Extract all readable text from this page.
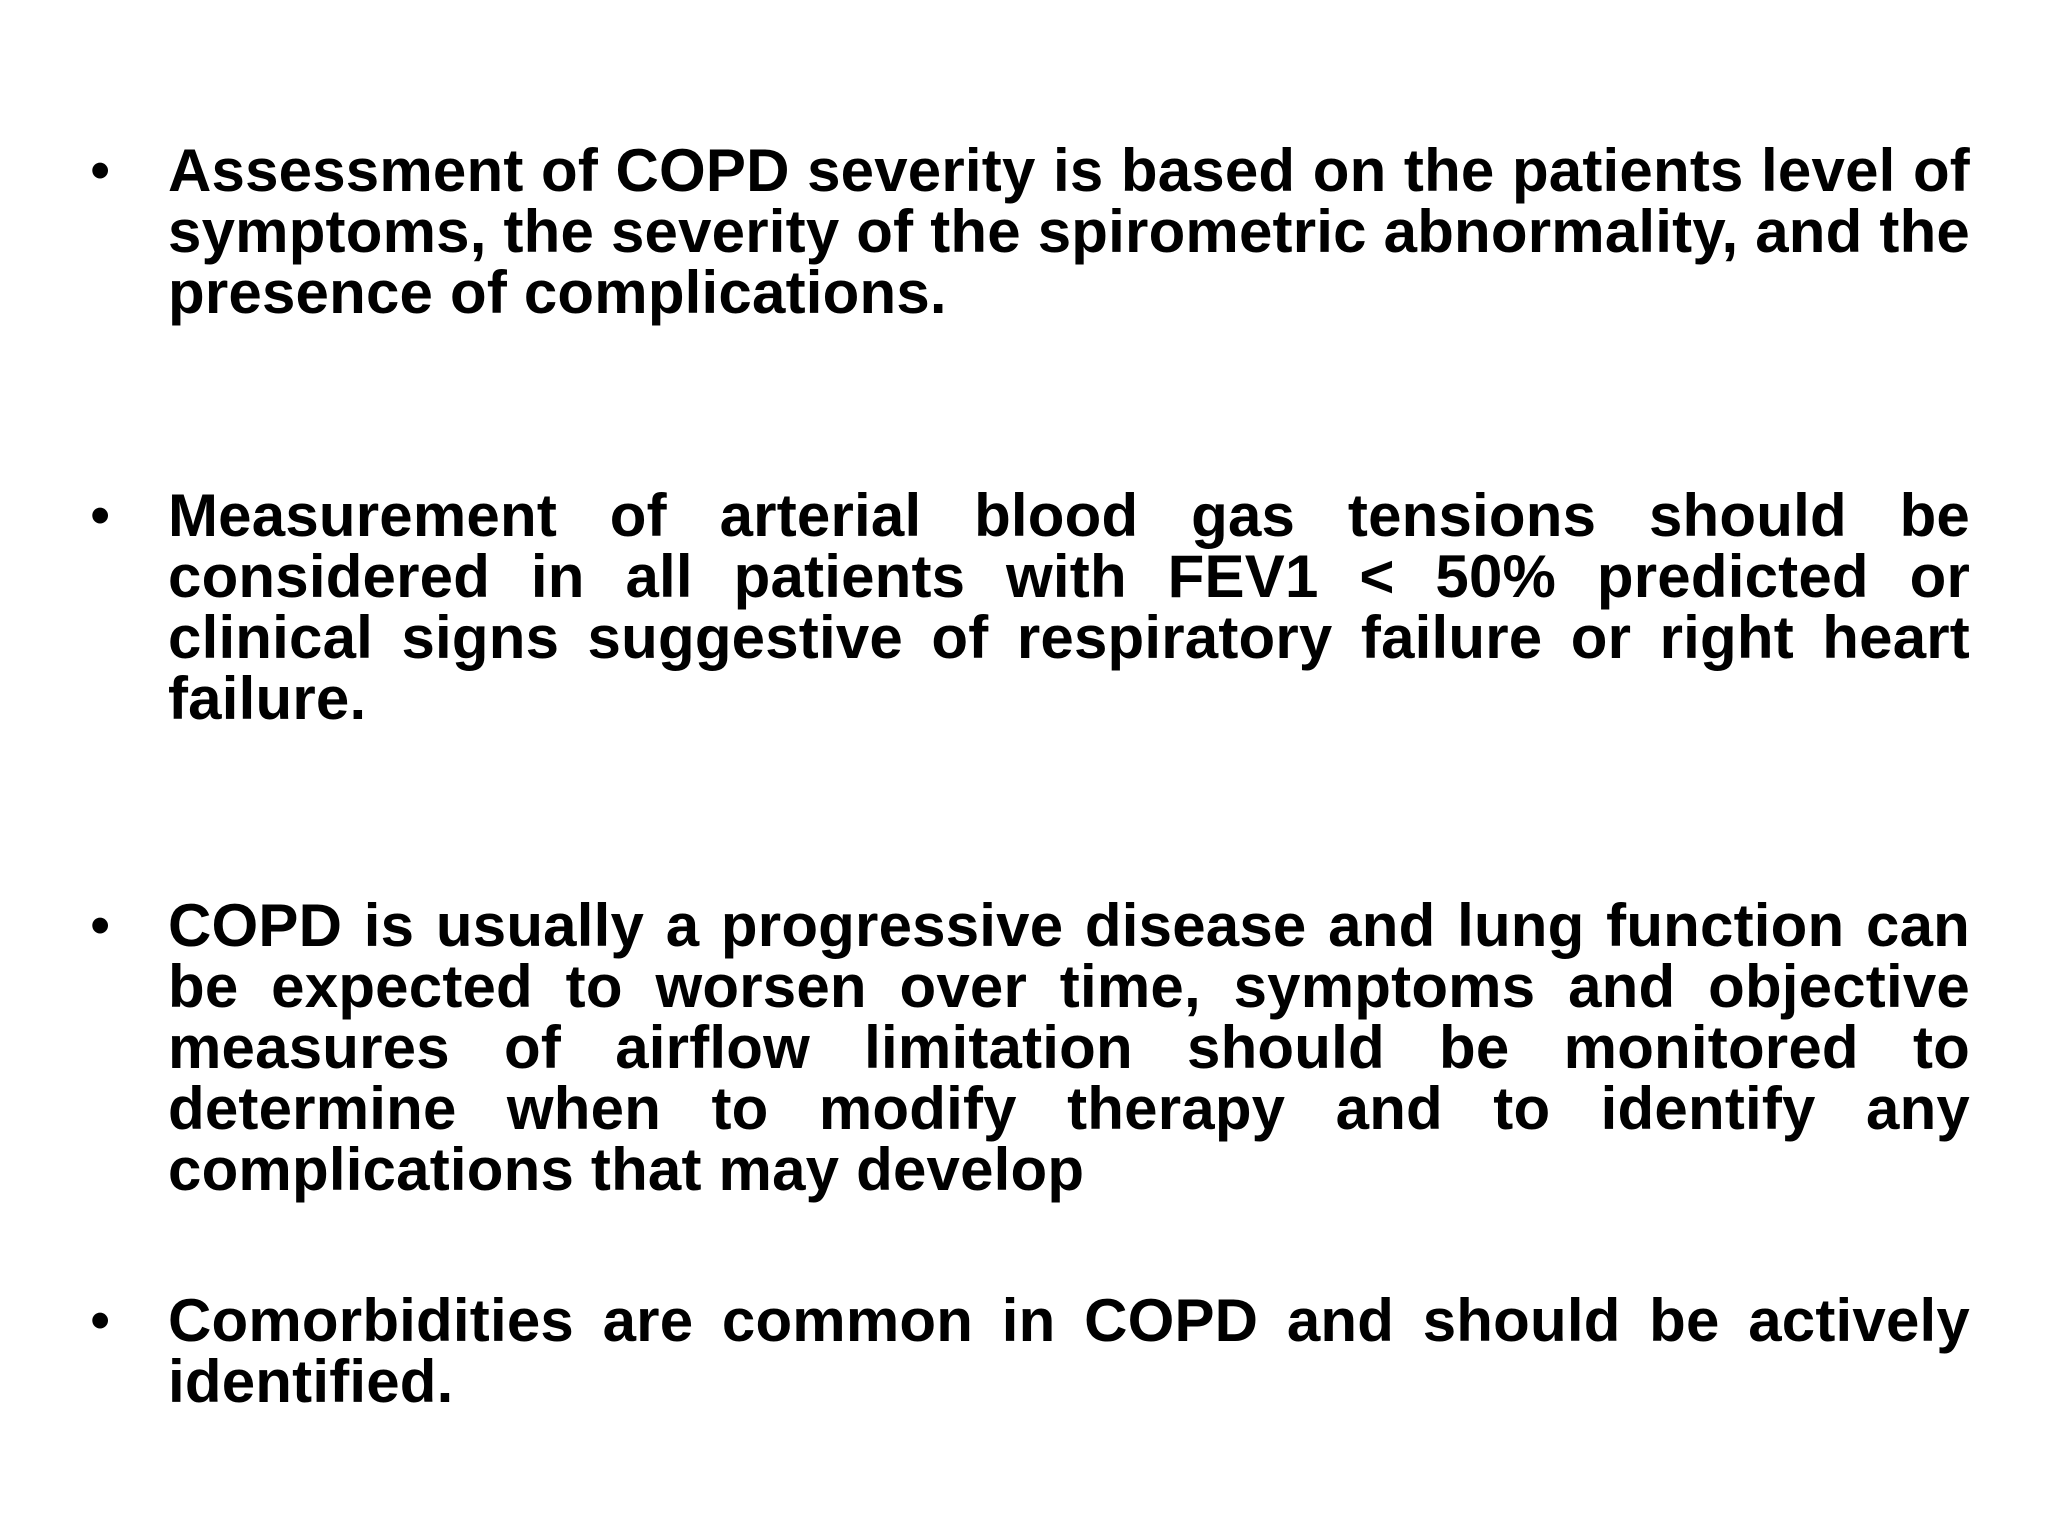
• Assessment of COPD severity is based on the patients level of symptoms, the severity of the spirometric abnormality, and the presence of complications.
• Measurement of arterial blood gas tensions should be considered in all patients with FEV1 < 50% predicted or clinical signs suggestive of respiratory failure or right heart failure.
• COPD is usually a progressive disease and lung function can be expected to worsen over time, symptoms and objective measures of airflow limitation should be monitored to determine when to modify therapy and to identify any complications that may develop
• Comorbidities are common in COPD and should be actively identified.
